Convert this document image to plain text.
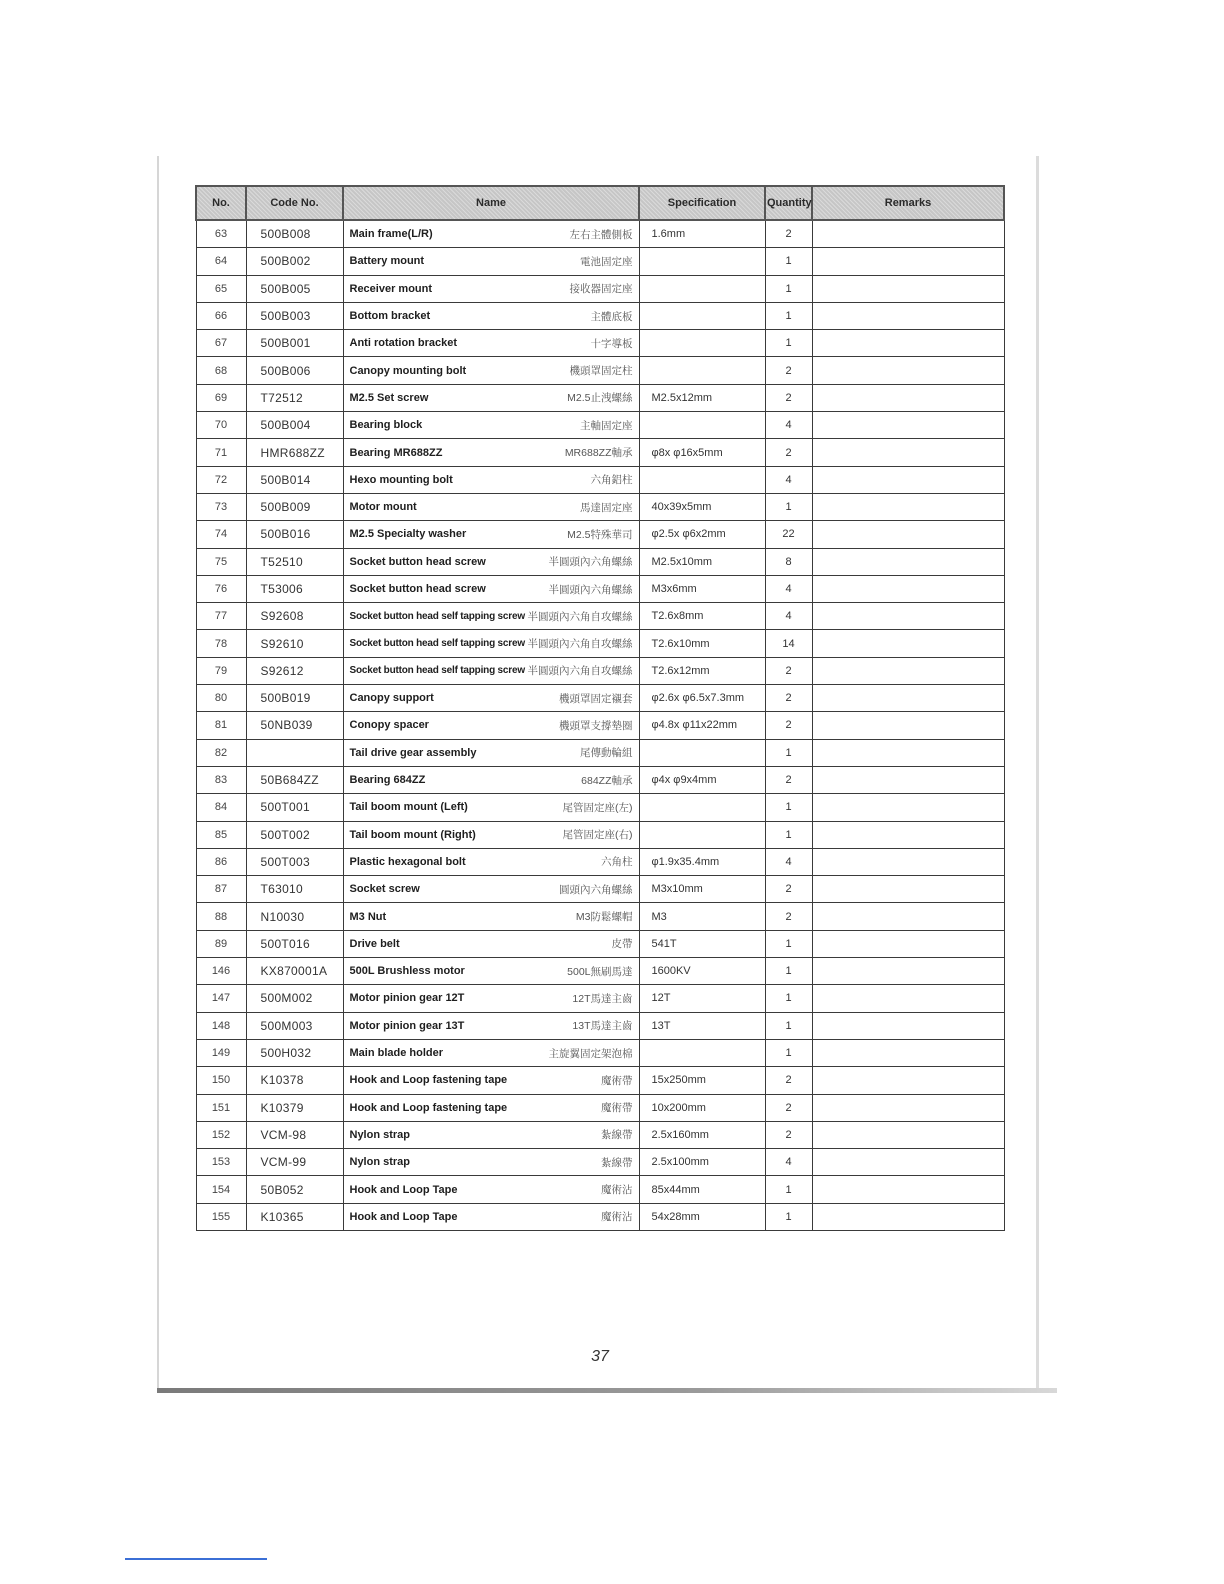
No.	Code No.	Name	Specification	Quantity	Remarks
63	500B008	Main frame(L/R) 左右主體側板	1.6mm	2	
64	500B002	Battery mount 電池固定座		1	
65	500B005	Receiver mount 接收器固定座		1	
66	500B003	Bottom bracket 主體底板		1	
67	500B001	Anti rotation bracket 十字導板		1	
68	500B006	Canopy mounting bolt 機頭罩固定柱		2	
69	T72512	M2.5 Set screw M2.5止洩螺絲	M2.5x12mm	2	
70	500B004	Bearing block 主軸固定座		4	
71	HMR688ZZ	Bearing MR688ZZ MR688ZZ軸承	φ8x φ16x5mm	2	
72	500B014	Hexo mounting bolt 六角鋁柱		4	
73	500B009	Motor mount 馬達固定座	40x39x5mm	1	
74	500B016	M2.5 Specialty washer M2.5特殊華司	φ2.5x φ6x2mm	22	
75	T52510	Socket button head screw 半圓頭內六角螺絲	M2.5x10mm	8	
76	T53006	Socket button head screw 半圓頭內六角螺絲	M3x6mm	4	
77	S92608	Socket button head self tapping screw 半圓頭內六角自攻螺絲	T2.6x8mm	4	
78	S92610	Socket button head self tapping screw 半圓頭內六角自攻螺絲	T2.6x10mm	14	
79	S92612	Socket button head self tapping screw 半圓頭內六角自攻螺絲	T2.6x12mm	2	
80	500B019	Canopy support 機頭罩固定襯套	φ2.6x φ6.5x7.3mm	2	
81	50NB039	Conopy spacer 機頭罩支撐墊圈	φ4.8x φ11x22mm	2	
82		Tail drive gear assembly 尾傳動輪組		1	
83	50B684ZZ	Bearing 684ZZ 684ZZ軸承	φ4x φ9x4mm	2	
84	500T001	Tail boom mount (Left) 尾管固定座(左)		1	
85	500T002	Tail boom mount (Right) 尾管固定座(右)		1	
86	500T003	Plastic hexagonal bolt 六角柱	φ1.9x35.4mm	4	
87	T63010	Socket screw 圓頭內六角螺絲	M3x10mm	2	
88	N10030	M3 Nut M3防鬆螺帽	M3	2	
89	500T016	Drive belt 皮帶	541T	1	
146	KX870001A	500L Brushless motor 500L無刷馬達	1600KV	1	
147	500M002	Motor pinion gear 12T 12T馬達主齒	12T	1	
148	500M003	Motor pinion gear 13T 13T馬達主齒	13T	1	
149	500H032	Main blade holder 主旋翼固定架泡棉		1	
150	K10378	Hook and Loop fastening tape 魔術帶	15x250mm	2	
151	K10379	Hook and Loop fastening tape 魔術帶	10x200mm	2	
152	VCM-98	Nylon strap 紮線帶	2.5x160mm	2	
153	VCM-99	Nylon strap 紮線帶	2.5x100mm	4	
154	50B052	Hook and Loop Tape 魔術沾	85x44mm	1	
155	K10365	Hook and Loop Tape 魔術沾	54x28mm	1	
37
